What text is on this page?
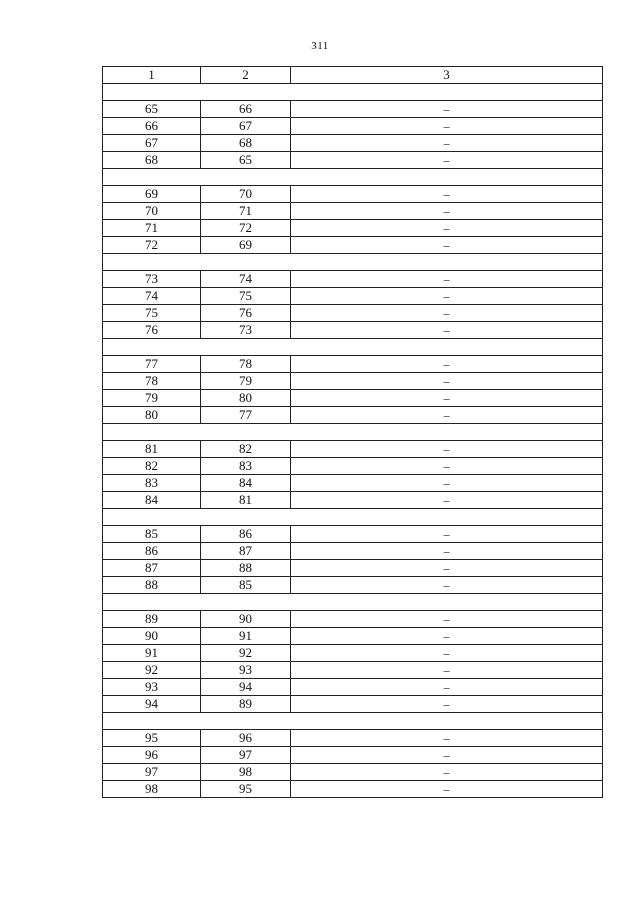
311
1	2	3

65	66	–
66	67	–
67	68	–
68	65	–

69	70	–
70	71	–
71	72	–
72	69	–

73	74	–
74	75	–
75	76	–
76	73	–

77	78	–
78	79	–
79	80	–
80	77	–

81	82	–
82	83	–
83	84	–
84	81	–

85	86	–
86	87	–
87	88	–
88	85	–

89	90	–
90	91	–
91	92	–
92	93	–
93	94	–
94	89	–

95	96	–
96	97	–
97	98	–
98	95	–
